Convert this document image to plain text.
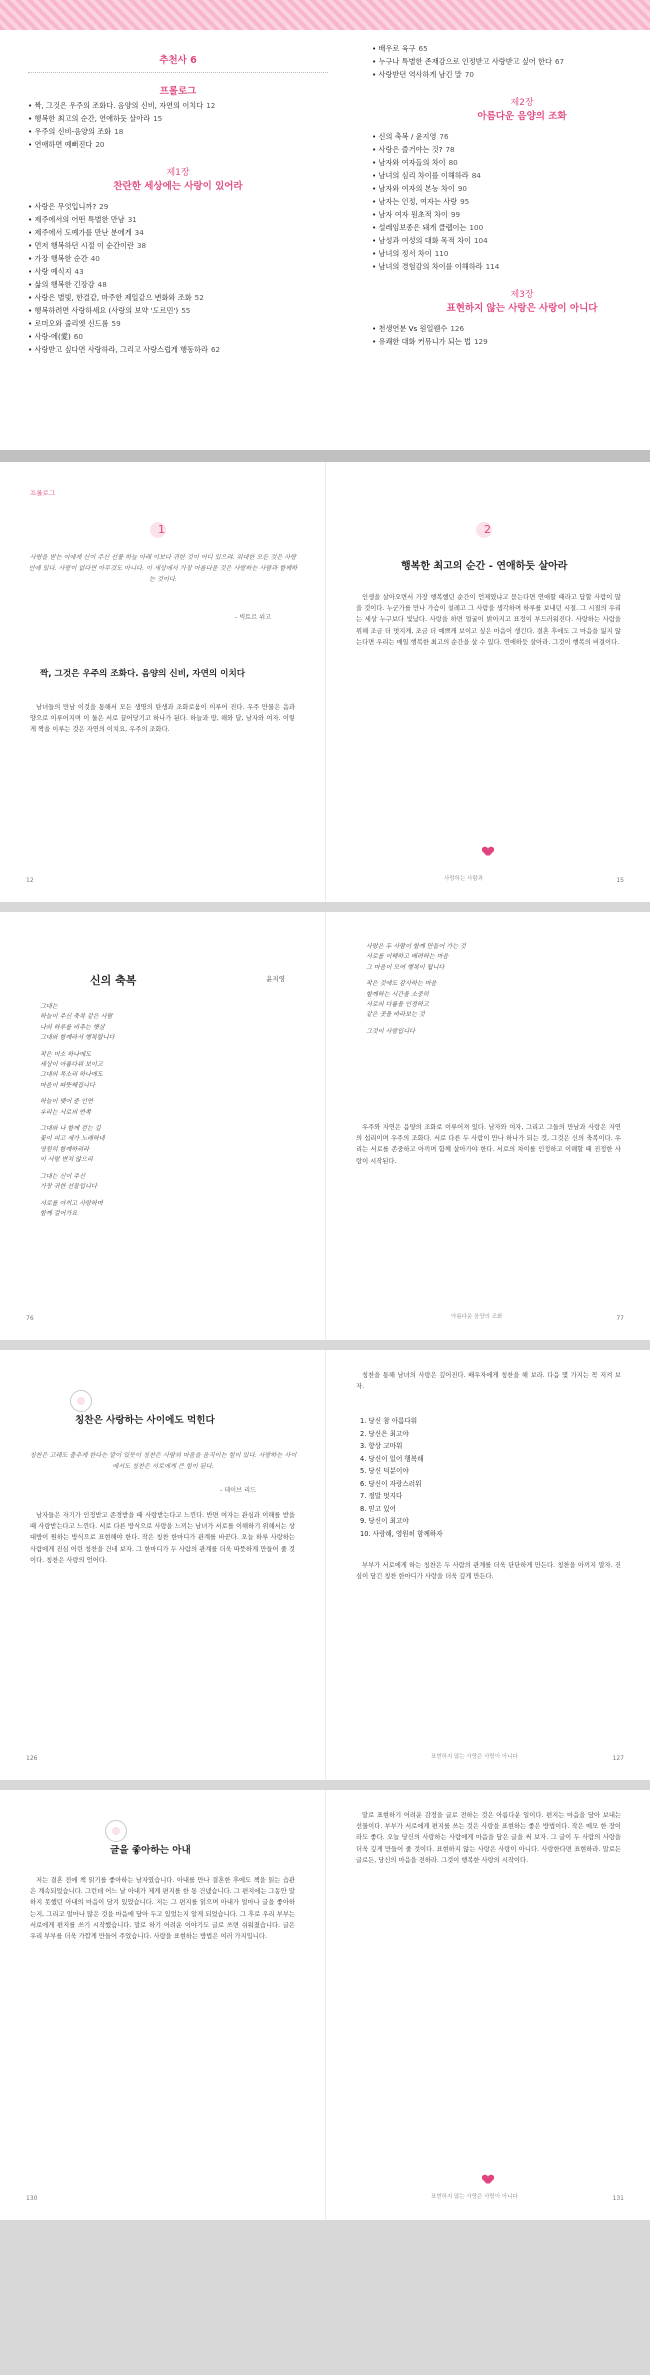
추천사 6
프롤로그
• 짝, 그것은 우주의 조화다. 음양의 신비, 자연의 이치다 12
• 행복한 최고의 순간, 연애하듯 살아라 15
• 우주의 신비-음양의 조화 18
• 연애하면 예뻐진다 20
제1장
찬란한 세상에는 사랑이 있어라
• 사랑은 무엇입니까? 29
• 제주에서의 어떤 특별한 만남 31
• 제주에서 도예가를 만난 분에게 34
• 먼저 행복하던 시절 이 순간이란 38
• 가장 행복한 순간 40
• 사랑 예식지 43
• 삶의 행복한 긴장감 48
• 사랑은 별빛, 한결같, 마주한 제일같으 변화와 조화 52
• 행복하려면 사랑하세요 (사랑의 보약 '도르민') 55
• 로미오와 줄리엣 신드롬 59
• 사랑-에(愛) 60
• 사랑받고 싶다면 사랑하라, 그리고 사랑스럽게 행동하라 62
• 배우로 육구 65
• 누구나 특별한 존재감으로 인정받고 사랑받고 싶어 한다 67
• 사랑받던 역사하게 남긴 말 70
제2장
아름다운 음양의 조화
• 신의 축복 / 윤지영 76
• 사랑은 즐거야는 것? 78
• 남자와 여자들의 차이 80
• 남녀의 심리 차이를 이해하라 84
• 남자와 여자의 본능 차이 90
• 남자는 인정, 여자는 사랑 95
• 남자 여자 원초적 차이 99
• 설레임보종은 돼게 클랩이는 100
• 남성과 여성의 대화 목적 차이 104
• 남녀의 정서 차이 110
• 남녀의 경험감의 차이를 이해하라 114
제3장
표현하지 않는 사랑은 사랑이 아니다
• 천생연분 Vs 원일웬수 126
• 유쾌한 대화 커뮤니가 되는 법 129
프롤로그
1
사랑을 받는 이에게 신이 주신 선물 하늘 아래 이보다 귀한 것이 어디 있으랴. 위대한 모든 것은 사랑 안에 있다. 사랑이 없다면 아무것도 아니다. 이 세상에서 가장 아름다운 것은 사랑하는 사람과 함께하는 것이다.
- 빅토르 위고
짝, 그것은 우주의 조화다. 음양의 신비, 자연의 이치다
남녀들의 만남 이것을 통해서 모든 생명의 탄생과 조화로움이 이루어 진다. 우주 만물은 음과 양으로 이루어지며 이 둘은 서로 끌어당기고 하나가 된다. 하늘과 땅, 해와 달, 남자와 여자. 이렇게 짝을 이루는 것은 자연의 이치요, 우주의 조화다.
12
2
행복한 최고의 순간 - 연애하듯 살아라
인생을 살아오면서 가장 행복했던 순간이 언제였냐고 묻는다면 연애할 때라고 답할 사람이 많을 것이다. 누군가를 만나 가슴이 설레고 그 사람을 생각하며 하루를 보내던 시절. 그 시절의 우리는 세상 누구보다 빛났다. 사랑을 하면 얼굴이 밝아지고 표정이 부드러워진다. 사랑하는 사람을 위해 조금 더 멋지게, 조금 더 예쁘게 보이고 싶은 마음이 생긴다. 결혼 후에도 그 마음을 잃지 않는다면 우리는 매일 행복한 최고의 순간을 살 수 있다. 연애하듯 살아라. 그것이 행복의 비결이다.
사랑하는 사람과	15
신의 축복	윤지영
그대는
하늘이 주신 축복 같은 사람
나의 하루를 비추는 햇살
그대와 함께라서 행복합니다
작은 미소 하나에도
세상이 아름다워 보이고
그대의 목소리 하나에도
마음이 따뜻해집니다
하늘이 맺어 준 인연
우리는 서로의 반쪽
그대와 나 함께 걷는 길
꽃이 피고 새가 노래하네
영원히 함께하리라
이 사랑 변치 않으리
그대는 신이 주신
가장 귀한 선물입니다
서로를 아끼고 사랑하며
함께 걸어가요
76
사랑은 두 사람이 함께 만들어 가는 것
서로를 이해하고 배려하는 마음
그 마음이 모여 행복이 됩니다
작은 것에도 감사하는 마음
함께하는 시간을 소중히
서로의 다름을 인정하고
같은 곳을 바라보는 것
그것이 사랑입니다
우주와 자연은 음양의 조화로 이루어져 있다. 남자와 여자, 그리고 그들의 만남과 사랑은 자연의 섭리이며 우주의 조화다. 서로 다른 두 사람이 만나 하나가 되는 것, 그것은 신의 축복이다. 우리는 서로를 존중하고 아끼며 함께 살아가야 한다. 서로의 차이를 인정하고 이해할 때 진정한 사랑이 시작된다.
아름다운 음양의 조화	77
칭찬은 사랑하는 사이에도 먹힌다
칭찬은 고래도 춤추게 한다는 말이 있듯이 칭찬은 사람의 마음을 움직이는 힘이 있다. 사랑하는 사이에서도 칭찬은 서로에게 큰 힘이 된다.
- 데이브 리드
남자들은 자기가 인정받고 존경받을 때 사랑받는다고 느낀다. 반면 여자는 관심과 이해를 받을 때 사랑받는다고 느낀다. 서로 다른 방식으로 사랑을 느끼는 남녀가 서로를 이해하기 위해서는 상대방이 원하는 방식으로 표현해야 한다. 작은 칭찬 한마디가 관계를 바꾼다. 오늘 하루 사랑하는 사람에게 진심 어린 칭찬을 건네 보자. 그 한마디가 두 사람의 관계를 더욱 따뜻하게 만들어 줄 것이다. 칭찬은 사랑의 언어다.
126
칭찬을 통해 남녀의 사랑은 깊어진다. 배우자에게 칭찬을 해 보라. 다음 몇 가지는 꼭 지켜 보자.
1. 당신 참 아름다워
2. 당신은 최고야
3. 항상 고마워
4. 당신이 있어 행복해
5. 당신 덕분이야
6. 당신이 자랑스러워
7. 정말 멋지다
8. 믿고 있어
9. 당신이 최고야
10. 사랑해, 영원히 함께하자
부부가 서로에게 하는 칭찬은 두 사람의 관계를 더욱 단단하게 만든다. 칭찬을 아끼지 말자. 진심이 담긴 칭찬 한마디가 사랑을 더욱 깊게 만든다.
표현하지 않는 사랑은 사랑이 아니다	127
글을 좋아하는 아내
저는 결혼 전에 책 읽기를 좋아하는 남자였습니다. 아내를 만나 결혼한 후에도 책을 읽는 습관은 계속되었습니다. 그런데 어느 날 아내가 제게 편지를 한 통 건넸습니다. 그 편지에는 그동안 말하지 못했던 아내의 마음이 담겨 있었습니다. 저는 그 편지를 읽으며 아내가 얼마나 글을 좋아하는지, 그리고 얼마나 많은 것을 마음에 담아 두고 있었는지 알게 되었습니다. 그 후로 우리 부부는 서로에게 편지를 쓰기 시작했습니다. 말로 하기 어려운 이야기도 글로 쓰면 쉬워졌습니다. 글은 우리 부부를 더욱 가깝게 만들어 주었습니다. 사랑을 표현하는 방법은 여러 가지입니다.
130
말로 표현하기 어려운 감정을 글로 전하는 것은 아름다운 일이다. 편지는 마음을 담아 보내는 선물이다. 부부가 서로에게 편지를 쓰는 것은 사랑을 표현하는 좋은 방법이다. 작은 메모 한 장이라도 좋다. 오늘 당신의 사랑하는 사람에게 마음을 담은 글을 써 보자. 그 글이 두 사람의 사랑을 더욱 깊게 만들어 줄 것이다. 표현하지 않는 사랑은 사랑이 아니다. 사랑한다면 표현하라. 말로든 글로든, 당신의 마음을 전하라. 그것이 행복한 사랑의 시작이다.
표현하지 않는 사랑은 사랑이 아니다	131
